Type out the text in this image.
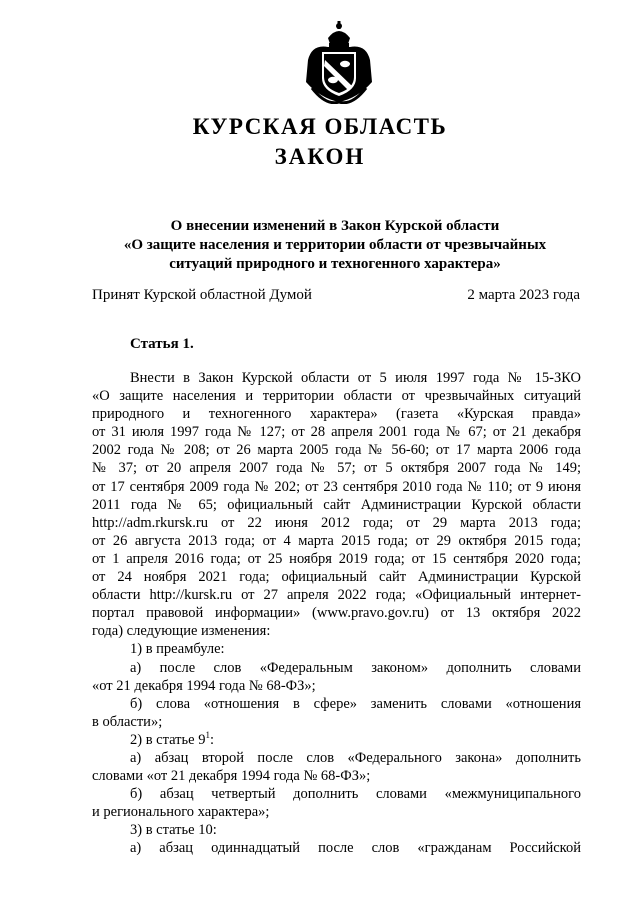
КУРСКАЯ ОБЛАСТЬ
ЗАКОН
О внесении изменений в Закон Курской области
«О защите населения и территории области от чрезвычайных
ситуаций природного и техногенного характера»
Принят Курской областной Думой	2 марта 2023 года
Статья 1.
Внести в Закон Курской области от 5 июля 1997 года № 15-ЗКО
«О защите населения и территории области от чрезвычайных ситуаций
природного и техногенного характера» (газета «Курская правда»
от 31 июля 1997 года № 127; от 28 апреля 2001 года № 67; от 21 декабря
2002 года № 208; от 26 марта 2005 года № 56-60; от 17 марта 2006 года
№ 37; от 20 апреля 2007 года № 57; от 5 октября 2007 года № 149;
от 17 сентября 2009 года № 202; от 23 сентября 2010 года № 110; от 9 июня
2011 года № 65; официальный сайт Администрации Курской области
http://adm.rkursk.ru от 22 июня 2012 года; от 29 марта 2013 года;
от 26 августа 2013 года; от 4 марта 2015 года; от 29 октября 2015 года;
от 1 апреля 2016 года; от 25 ноября 2019 года; от 15 сентября 2020 года;
от 24 ноября 2021 года; официальный сайт Администрации Курской
области http://kursk.ru от 27 апреля 2022 года; «Официальный интернет-
портал правовой информации» (www.pravo.gov.ru) от 13 октября 2022
года) следующие изменения:
1) в преамбуле:
а) после слов «Федеральным законом» дополнить словами
«от 21 декабря 1994 года № 68-ФЗ»;
б) слова «отношения в сфере» заменить словами «отношения
в области»;
2) в статье $9^1$:
а) абзац второй после слов «Федерального закона» дополнить
словами «от 21 декабря 1994 года № 68-ФЗ»;
б) абзац четвертый дополнить словами «межмуниципального
и регионального характера»;
3) в статье 10:
а) абзац одиннадцатый после слов «гражданам Российской
